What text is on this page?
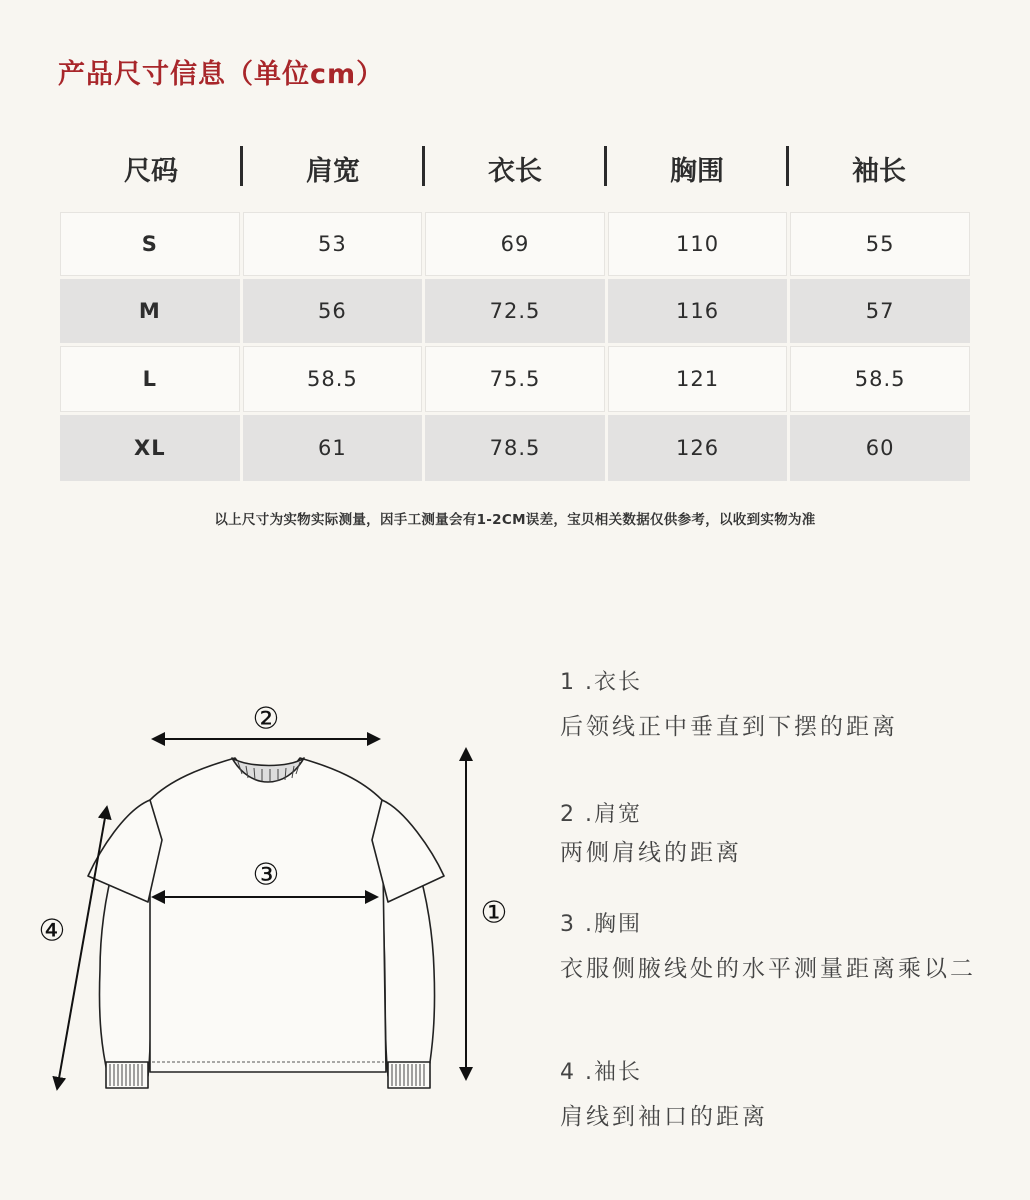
产品尺寸信息（单位cm）
尺码	肩宽	衣长	胸围	袖长
S	53	69	110	55
M	56	72.5	116	57
L	58.5	75.5	121	58.5
XL	61	78.5	126	60
以上尺寸为实物实际测量，因手工测量会有1-2CM误差，宝贝相关数据仅供参考，以收到实物为准
②
③
①
④
1 .衣长
后领线正中垂直到下摆的距离
2 .肩宽
两侧肩线的距离
3 .胸围
衣服侧腋线处的水平测量距离乘以二
4 .袖长
肩线到袖口的距离
